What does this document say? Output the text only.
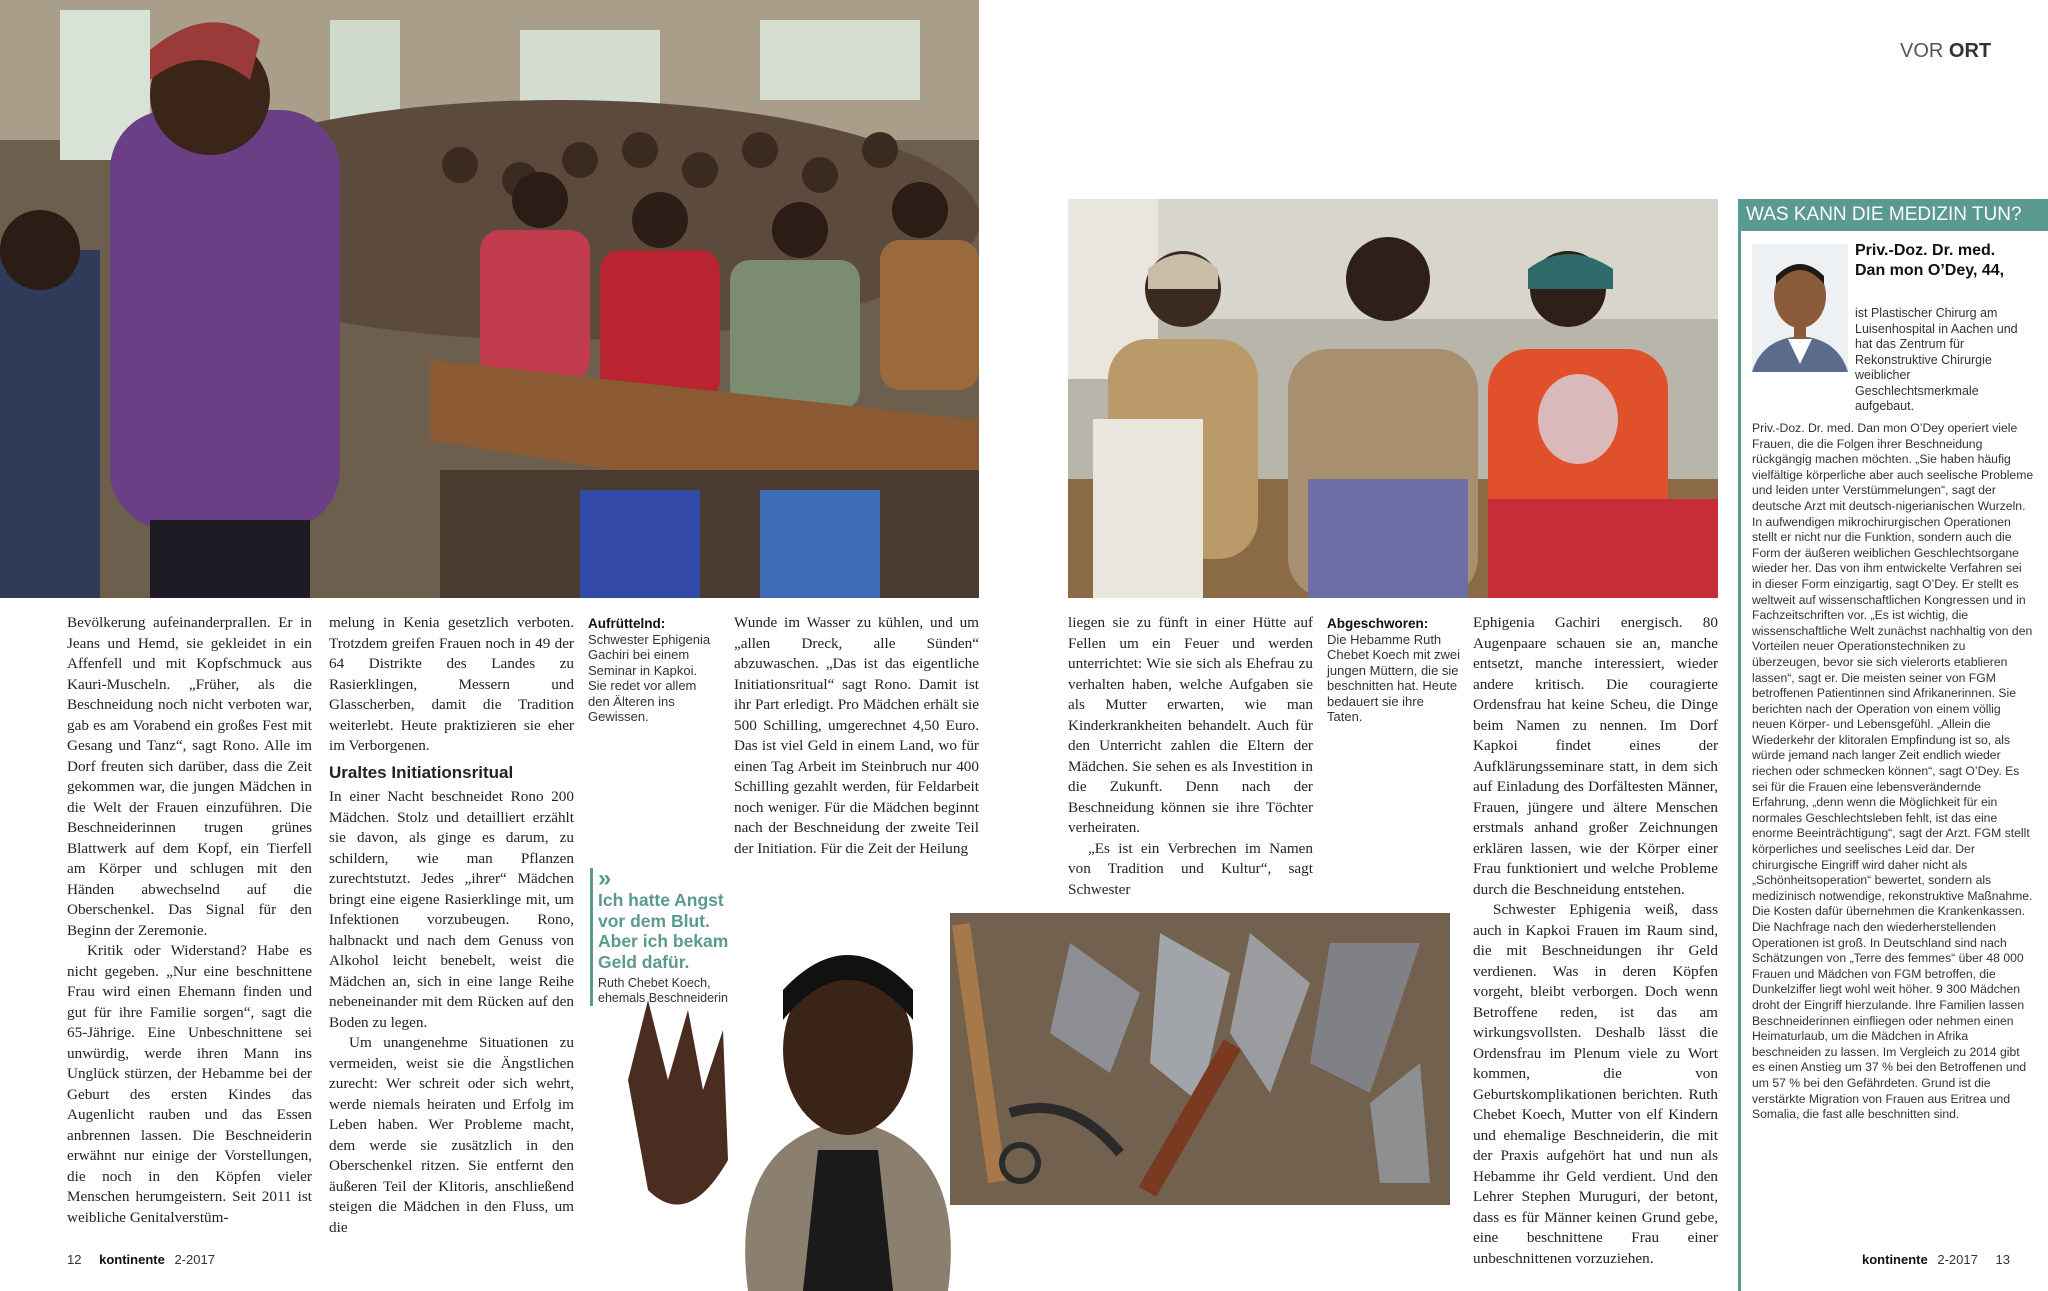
VOR ORT

Bevölkerung aufeinanderprallen. Er in Jeans und Hemd, sie gekleidet in ein Affenfell und mit Kopfschmuck aus Kauri-Muscheln. „Früher, als die Beschneidung noch nicht verboten war, gab es am Vorabend ein großes Fest mit Gesang und Tanz“, sagt Rono. Alle im Dorf freuten sich darüber, dass die Zeit gekommen war, die jungen Mädchen in die Welt der Frauen einzuführen. Die Beschneiderinnen trugen grünes Blattwerk auf dem Kopf, ein Tierfell am Körper und schlugen mit den Händen abwechselnd auf die Oberschenkel. Das Signal für den Beginn der Zeremonie.

Kritik oder Widerstand? Habe es nicht gegeben. „Nur eine beschnittene Frau wird einen Ehemann finden und gut für ihre Familie sorgen“, sagt die 65-Jährige. Eine Unbeschnittene sei unwürdig, werde ihren Mann ins Unglück stürzen, der Hebamme bei der Geburt des ersten Kindes das Augenlicht rauben und das Essen anbrennen lassen. Die Beschneiderin erwähnt nur einige der Vorstellungen, die noch in den Köpfen vieler Menschen herumgeistern. Seit 2011 ist weibliche Genitalverstüm-

melung in Kenia gesetzlich verboten. Trotzdem greifen Frauen noch in 49 der 64 Distrikte des Landes zu Rasierklingen, Messern und Glasscherben, damit die Tradition weiterlebt. Heute praktizieren sie eher im Verborgenen.

Uraltes Initiationsritual

In einer Nacht beschneidet Rono 200 Mädchen. Stolz und detailliert erzählt sie davon, als ginge es darum, zu schildern, wie man Pflanzen zurechtstutzt. Jedes „ihrer“ Mädchen bringt eine eigene Rasierklinge mit, um Infektionen vorzubeugen. Rono, halbnackt und nach dem Genuss von Alkohol leicht benebelt, weist die Mädchen an, sich in eine lange Reihe nebeneinander mit dem Rücken auf den Boden zu legen.

Um unangenehme Situationen zu vermeiden, weist sie die Ängstlichen zurecht: Wer schreit oder sich wehrt, werde niemals heiraten und Erfolg im Leben haben. Wer Probleme macht, dem werde sie zusätzlich in den Oberschenkel ritzen. Sie entfernt den äußeren Teil der Klitoris, anschließend steigen die Mädchen in den Fluss, um die

Aufrüttelnd:
Schwester Ephigenia Gachiri bei einem Seminar in Kapkoi. Sie redet vor allem den Älteren ins Gewissen.

Wunde im Wasser zu kühlen, und um „allen Dreck, alle Sünden“ abzuwaschen. „Das ist das eigentliche Initiationsritual“ sagt Rono. Damit ist ihr Part erledigt. Pro Mädchen erhält sie 500 Schilling, umgerechnet 4,50 Euro. Das ist viel Geld in einem Land, wo für einen Tag Arbeit im Steinbruch nur 400 Schilling gezahlt werden, für Feldarbeit noch weniger. Für die Mädchen beginnt nach der Beschneidung der zweite Teil der Initiation. Für die Zeit der Heilung

»
Ich hatte Angst vor dem Blut. Aber ich bekam Geld dafür.
Ruth Chebet Koech, ehemals Beschneiderin

liegen sie zu fünft in einer Hütte auf Fellen um ein Feuer und werden unterrichtet: Wie sie sich als Ehefrau zu verhalten haben, welche Aufgaben sie als Mutter erwarten, wie man Kinderkrankheiten behandelt. Auch für den Unterricht zahlen die Eltern der Mädchen. Sie sehen es als Investition in die Zukunft. Denn nach der Beschneidung können sie ihre Töchter verheiraten.

„Es ist ein Verbrechen im Namen von Tradition und Kultur“, sagt Schwester

Abgeschworen:
Die Hebamme Ruth Chebet Koech mit zwei jungen Müttern, die sie beschnitten hat. Heute bedauert sie ihre Taten.

Ephigenia Gachiri energisch. 80 Augenpaare schauen sie an, manche entsetzt, manche interessiert, wieder andere kritisch. Die couragierte Ordensfrau hat keine Scheu, die Dinge beim Namen zu nennen. Im Dorf Kapkoi findet eines der Aufklärungsseminare statt, in dem sich auf Einladung des Dorfältesten Männer, Frauen, jüngere und ältere Menschen erstmals anhand großer Zeichnungen erklären lassen, wie der Körper einer Frau funktioniert und welche Probleme durch die Beschneidung entstehen.

Schwester Ephigenia weiß, dass auch in Kapkoi Frauen im Raum sind, die mit Beschneidungen ihr Geld verdienen. Was in deren Köpfen vorgeht, bleibt verborgen. Doch wenn Betroffene reden, ist das am wirkungsvollsten. Deshalb lässt die Ordensfrau im Plenum viele zu Wort kommen, die von Geburtskomplikationen berichten. Ruth Chebet Koech, Mutter von elf Kindern und ehemalige Beschneiderin, die mit der Praxis aufgehört hat und nun als Hebamme ihr Geld verdient. Und den Lehrer Stephen Muruguri, der betont, dass es für Männer keinen Grund gebe, eine beschnittene Frau einer unbeschnittenen vorzuziehen.

WAS KANN DIE MEDIZIN TUN?
Priv.-Doz. Dr. med. Dan mon O’Dey, 44,
ist Plastischer Chirurg am Luisenhospital in Aachen und hat das Zentrum für Rekonstruktive Chirurgie weiblicher Geschlechtsmerkmale aufgebaut.

Priv.-Doz. Dr. med. Dan mon O’Dey operiert viele Frauen, die die Folgen ihrer Beschneidung rückgängig machen möchten. „Sie haben häufig vielfältige körperliche aber auch seelische Probleme und leiden unter Verstümmelungen“, sagt der deutsche Arzt mit deutsch-nigerianischen Wurzeln. In aufwendigen mikrochirurgischen Operationen stellt er nicht nur die Funktion, sondern auch die Form der äußeren weiblichen Geschlechtsorgane wieder her. Das von ihm entwickelte Verfahren sei in dieser Form einzigartig, sagt O’Dey. Er stellt es weltweit auf wissenschaftlichen Kongressen und in Fachzeitschriften vor. „Es ist wichtig, die wissenschaftliche Welt zunächst nachhaltig von den Vorteilen neuer Operationstechniken zu überzeugen, bevor sie sich vielerorts etablieren lassen“, sagt er. Die meisten seiner von FGM betroffenen Patientinnen sind Afrikanerinnen. Sie berichten nach der Operation von einem völlig neuen Körper- und Lebensgefühl. „Allein die Wiederkehr der klitoralen Empfindung ist so, als würde jemand nach langer Zeit endlich wieder riechen oder schmecken können“, sagt O’Dey. Es sei für die Frauen eine lebensverändernde Erfahrung, „denn wenn die Möglichkeit für ein normales Geschlechtsleben fehlt, ist das eine enorme Beeinträchtigung“, sagt der Arzt. FGM stellt körperliches und seelisches Leid dar. Der chirurgische Eingriff wird daher nicht als „Schönheitsoperation“ bewertet, sondern als medizinisch notwendige, rekonstruktive Maßnahme. Die Kosten dafür übernehmen die Krankenkassen. Die Nachfrage nach den wiederherstellenden Operationen ist groß. In Deutschland sind nach Schätzungen von „Terre des femmes“ über 48 000 Frauen und Mädchen von FGM betroffen, die Dunkelziffer liegt wohl weit höher. 9 300 Mädchen droht der Eingriff hierzulande. Ihre Familien lassen Beschneiderinnen einfliegen oder nehmen einen Heimaturlaub, um die Mädchen in Afrika beschneiden zu lassen. Im Vergleich zu 2014 gibt es einen Anstieg um 37 % bei den Betroffenen und um 57 % bei den Gefährdeten. Grund ist die verstärkte Migration von Frauen aus Eritrea und Somalia, die fast alle beschnitten sind.

12 kontinente 2-2017	kontinente 2-2017 13
